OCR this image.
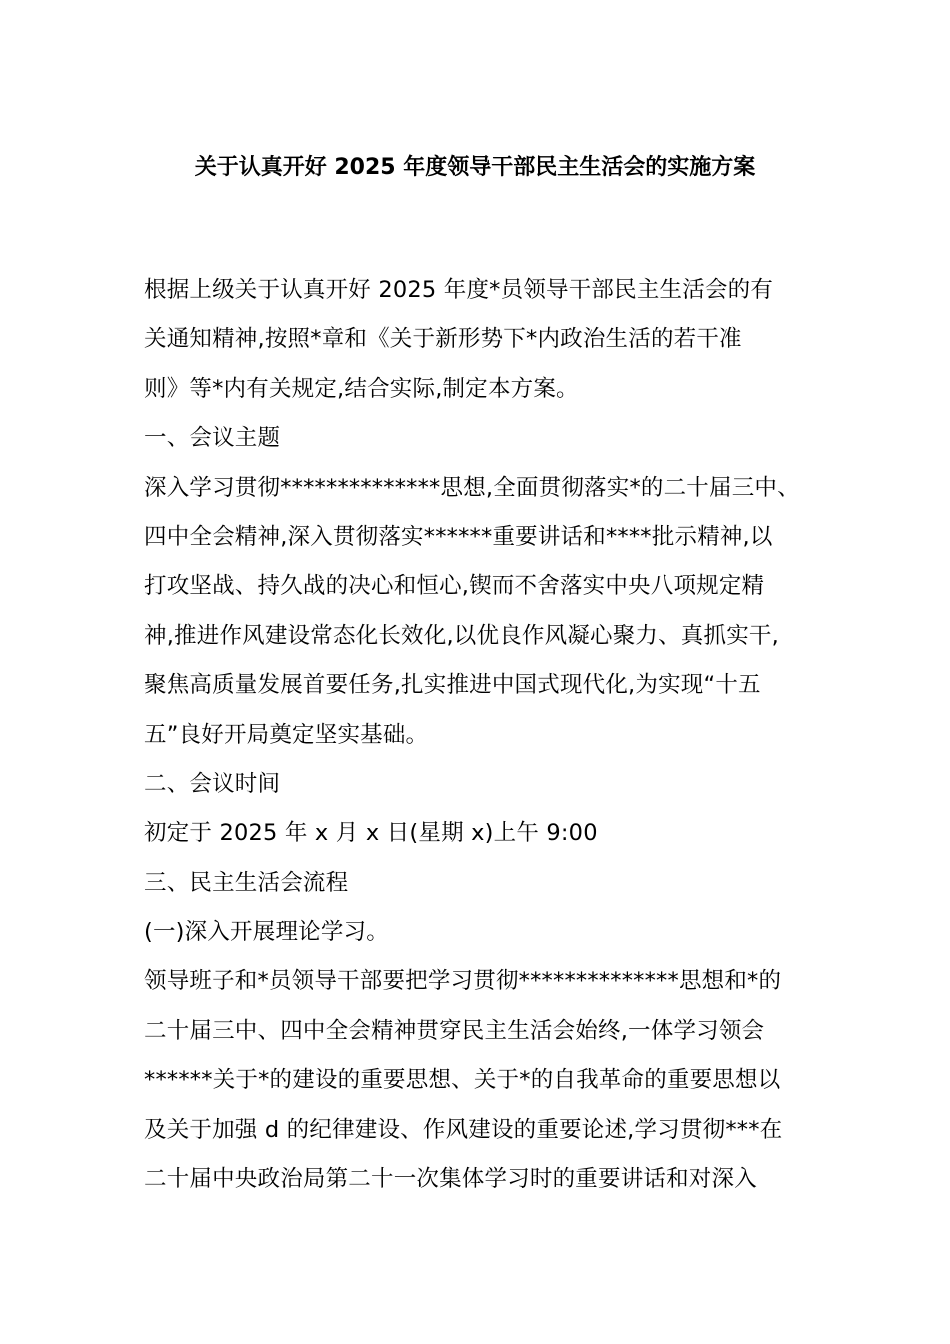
关于认真开好 2025 年度领导干部民主生活会的实施方案
根据上级关于认真开好 2025 年度*员领导干部民主生活会的有
关通知精神,按照*章和《关于新形势下*内政治生活的若干准
则》等*内有关规定,结合实际,制定本方案。
一、会议主题
深入学习贯彻**************思想,全面贯彻落实*的二十届三中、
四中全会精神,深入贯彻落实******重要讲话和****批示精神,以
打攻坚战、持久战的决心和恒心,锲而不舍落实中央八项规定精
神,推进作风建设常态化长效化,以优良作风凝心聚力、真抓实干,
聚焦高质量发展首要任务,扎实推进中国式现代化,为实现“十五
五”良好开局奠定坚实基础。
二、会议时间
初定于 2025 年 x 月 x 日(星期 x)上午 9:00
三、民主生活会流程
(一)深入开展理论学习。
领导班子和*员领导干部要把学习贯彻**************思想和*的
二十届三中、四中全会精神贯穿民主生活会始终,一体学习领会
******关于*的建设的重要思想、关于*的自我革命的重要思想以
及关于加强 d 的纪律建设、作风建设的重要论述,学习贯彻***在
二十届中央政治局第二十一次集体学习时的重要讲话和对深入
